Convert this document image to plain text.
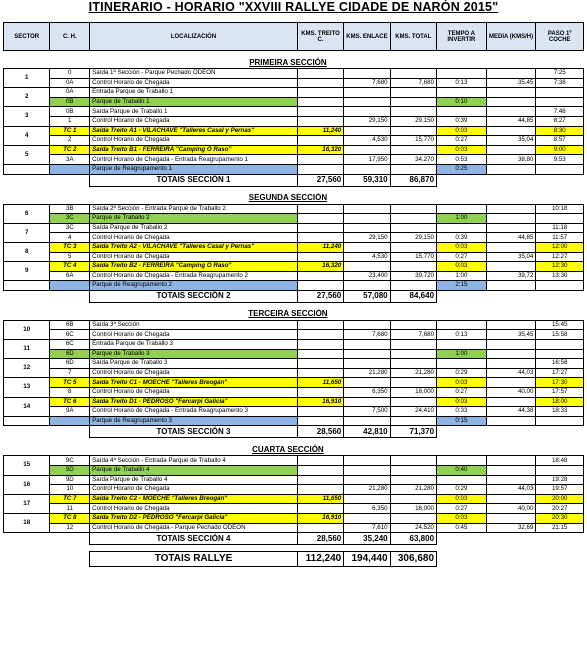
ITINERARIO - HORARIO "XXVIII RALLYE CIDADE DE NARÓN 2015"
SECTOR	C. H.	LOCALIZACIÓN	KMS. TREITO C.	KMS. ENLACE	KMS. TOTAL	TEMPO A INVERTIR	MEDIA (KMS/H)	PASO 1º COCHE

		PRIMEIRA SECCIÓN						
1	0	Saída 1ª Sección - Parque Pechado ODEÓN						7:25
	0A	Control Horario de Chegada		7,680	7,680	0:13	35,45	7:38
2	0A	Entrada Parque de Traballo 1						
	0B	Parque de Traballo 1				0:10		
3	0B	Saída Parque de Traballo 1						7:48
	1	Control Horario de Chegada		29,150	29,150	0:39	44,85	8:27
4	TC 1	Saída Treito A1 - VILACHAVE "Talleres Casal y Pernas"	11,240			0:03		8:30
	2	Control Horario de Chegada		4,530	15,770	0:27	35,04	8:57
5	TC 2	Saída Treito B1 - FERREIRA "Camping O Raso"	16,320			0:03		9:00
	3A	Control Horario de Chegada - Entrada Reagrupamento 1		17,950	34,270	0:53	38,80	9:53
		Parque de Reagrupamento 1				0:25		
		TOTAIS SECCIÓN 1	27,560	59,310	86,870			

		SEGUNDA SECCIÓN						
6	3B	Saída 2ª Sección - Entrada Parque de Traballo 2						10:18
	3C	Parque de Traballo 2				1:00		
7	3C	Saída Parque de Traballo 2						11:18
	4	Control Horario de Chegada		29,150	29,150	0:39	44,85	11:57
8	TC 3	Saída Treito A2 - VILACHAVE "Talleres Casal y Pernas"	11,240			0:03		12:00
	5	Control Horario de Chegada		4,530	15,770	0:27	35,04	12:27
9	TC 4	Saída Treito B2 - FERREIRA "Camping O Raso"	16,320			0:03		12:30
	6A	Control Horario de Chegada - Entrada Reagrupamento 2		23,400	39,720	1:00	39,72	13:30
		Parque de Reagrupamento 2				2:15		
		TOTAIS SECCIÓN 2	27,560	57,080	84,640			

		TERCEIRA SECCIÓN						
10	6B	Saída 3ª Sección						15:45
	6C	Control Horario de Chegada		7,680	7,680	0:13	35,45	15:58
11	6C	Entrada Parque de Traballo 3						
	6D	Parque de Traballo 3				1:00		
12	6D	Saída Parque de Traballo 3						16:58
	7	Control Horario de Chegada		21,280	21,280	0:29	44,03	17:27
13	TC 5	Saída Treito C1 - MOECHE "Talleres Breogán"	11,650			0:03		17:30
	8	Control Horario de Chegada		6,350	18,000	0:27	40,00	17:57
14	TC 6	Saída Treito D1 - PEDROSO "Fercarpi Galicia"	16,910			0:03		18:00
	9A	Control Horario de Chegada - Entrada Reagrupamento 3		7,500	24,410	0:33	44,38	18:33
		Parque de Reagrupamento 3				0:15		
		TOTAIS SECCIÓN 3	28,560	42,810	71,370			

		CUARTA SECCIÓN						
15	9C	Saída 4ª Sección - Entrada Parque de Traballo 4						18:48
	9D	Parque de Traballo 4				0:40		
16	9D	Saída Parque de Traballo 4						19:28
	10	Control Horario de Chegada		21,280	21,280	0:29	44,03	19:57
17	TC 7	Saída Treito C2 - MOECHE "Talleres Breogán"	11,650			0:03		20:00
	11	Control Horario de Chegada		6,350	18,000	0:27	40,00	20:27
18	TC 8	Saída Treito D2 - PEDROSO "Fercarpi Galicia"	16,910			0:03		20:30
	12	Control Horario de Chegada - Parque Pechado ODEÓN		7,610	24,520	0:45	32,69	21:15
		TOTAIS SECCIÓN 4	28,560	35,240	63,800			

		TOTAIS RALLYE	112,240	194,440	306,680			
